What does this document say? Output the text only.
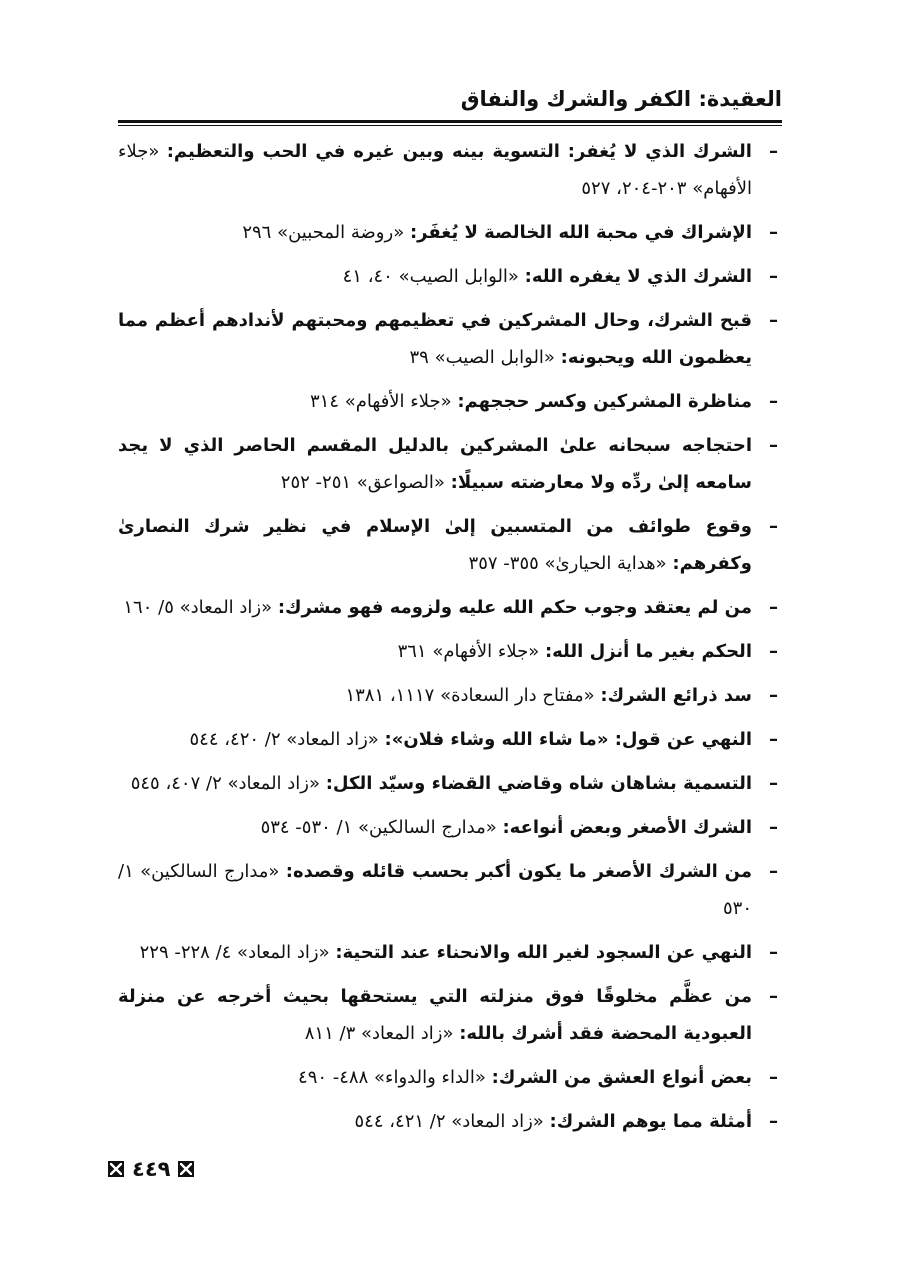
العقيدة: الكفر والشرك والنفاق
–
الشرك الذي لا يُغفر: التسوية بينه وبين غيره في الحب والتعظيم: «جلاء الأفهام» ٢٠٣-٢٠٤، ٥٢٧
–
الإشراك في محبة الله الخالصة لا يُغفَر: «روضة المحبين» ٢٩٦
–
الشرك الذي لا يغفره الله: «الوابل الصيب» ٤٠، ٤١
–
قبح الشرك، وحال المشركين في تعظيمهم ومحبتهم لأندادهم أعظم مما يعظمون الله ويحبونه: «الوابل الصيب» ٣٩
–
مناظرة المشركين وكسر حججهم: «جلاء الأفهام» ٣١٤
–
احتجاجه سبحانه علىٰ المشركين بالدليل المقسم الحاصر الذي لا يجد سامعه إلىٰ ردِّه ولا معارضته سبيلًا: «الصواعق» ٢٥١- ٢٥٢
–
وقوع طوائف من المتسبين إلىٰ الإسلام في نظير شرك النصارىٰ وكفرهم: «هداية الحيارىٰ» ٣٥٥- ٣٥٧
–
من لم يعتقد وجوب حكم الله عليه ولزومه فهو مشرك: «زاد المعاد» ٥/ ١٦٠
–
الحكم بغير ما أنزل الله: «جلاء الأفهام» ٣٦١
–
سد ذرائع الشرك: «مفتاح دار السعادة» ١١١٧، ١٣٨١
–
النهي عن قول: «ما شاء الله وشاء فلان»: «زاد المعاد» ٢/ ٤٢٠، ٥٤٤
–
التسمية بشاهان شاه وقاضي القضاء وسيّد الكل: «زاد المعاد» ٢/ ٤٠٧، ٥٤٥
–
الشرك الأصغر وبعض أنواعه: «مدارج السالكين» ١/ ٥٣٠- ٥٣٤
–
من الشرك الأصغر ما يكون أكبر بحسب قائله وقصده: «مدارج السالكين» ١/ ٥٣٠
–
النهي عن السجود لغير الله والانحناء عند التحية: «زاد المعاد» ٤/ ٢٢٨- ٢٢٩
–
من عظَّم مخلوقًا فوق منزلته التي يستحقها بحيث أخرجه عن منزلة العبودية المحضة فقد أشرك بالله: «زاد المعاد» ٣/ ٨١١
–
بعض أنواع العشق من الشرك: «الداء والدواء» ٤٨٨- ٤٩٠
–
أمثلة مما يوهم الشرك: «زاد المعاد» ٢/ ٤٢١، ٥٤٤
٤٤٩
